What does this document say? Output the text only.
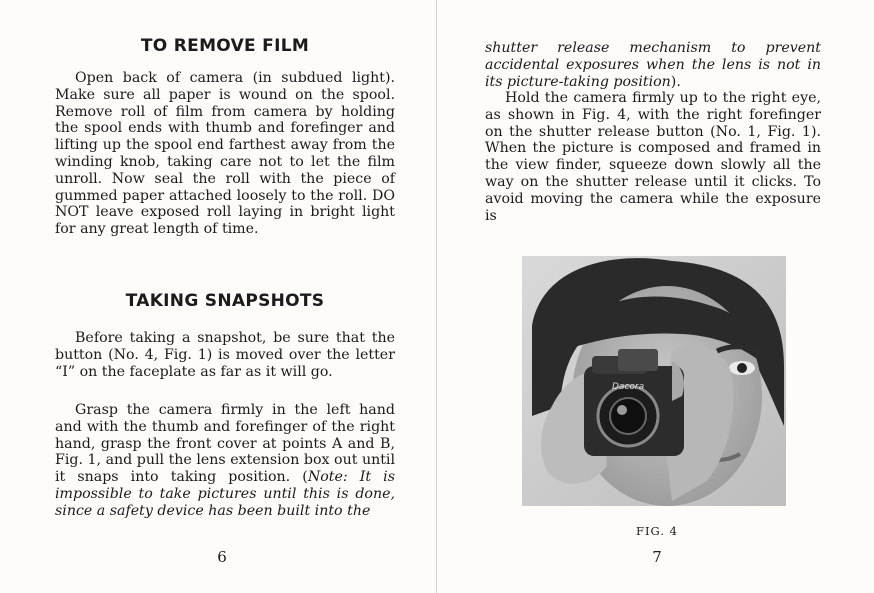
TO REMOVE FILM

Open back of camera (in subdued light). Make sure all paper is wound on the spool. Remove roll of film from camera by holding the spool ends with thumb and forefinger and lifting up the spool end farthest away from the winding knob, taking care not to let the film unroll. Now seal the roll with the piece of gummed paper attached loosely to the roll. DO NOT leave exposed roll laying in bright light for any great length of time.

TAKING SNAPSHOTS

Before taking a snapshot, be sure that the button (No. 4, Fig. 1) is moved over the letter “I” on the faceplate as far as it will go.

Grasp the camera firmly in the left hand and with the thumb and forefinger of the right hand, grasp the front cover at points A and B, Fig. 1, and pull the lens extension box out until it snaps into taking position. (Note: It is impossible to take pictures until this is done, since a safety device has been built into the

6

shutter release mechanism to prevent accidental exposures when the lens is not in its picture-taking position).

Hold the camera firmly up to the right eye, as shown in Fig. 4, with the right forefinger on the shutter release button (No. 1, Fig. 1). When the picture is composed and framed in the view finder, squeeze down slowly all the way on the shutter release until it clicks. To avoid moving the camera while the exposure is

Dacora
FIG. 4
7
